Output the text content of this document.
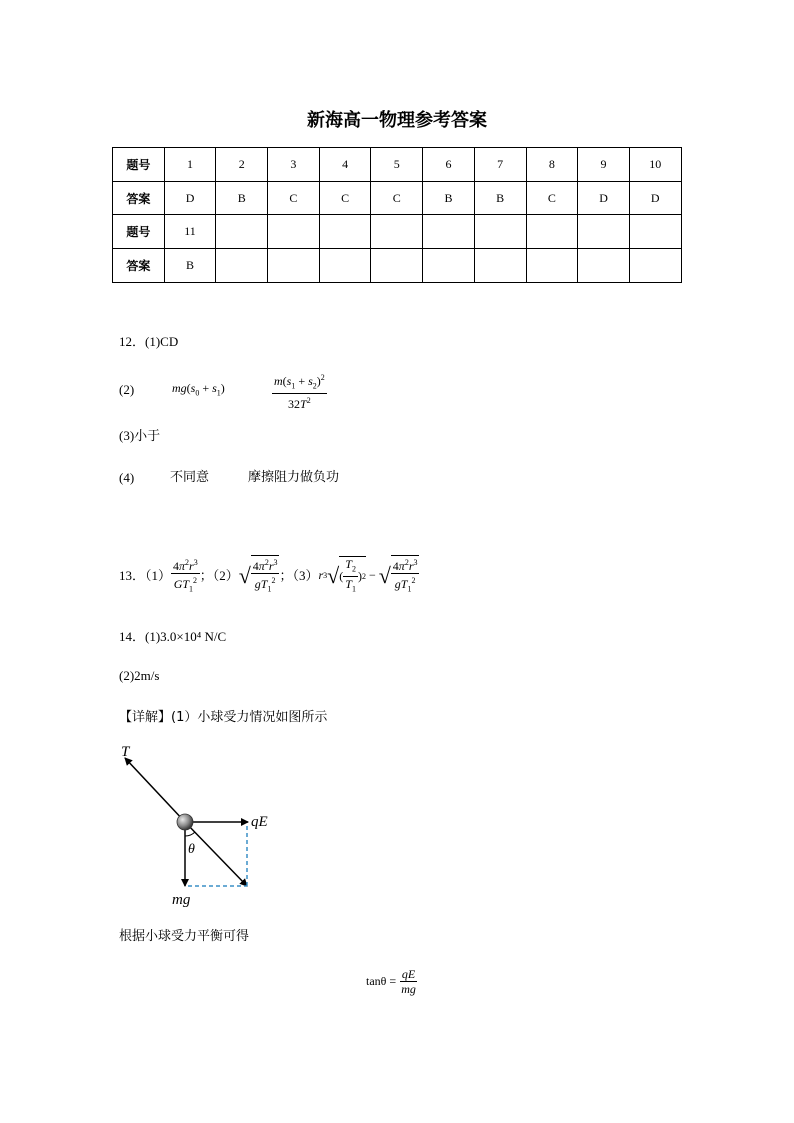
新海高一物理参考答案
题号	1	2	3	4	5	6	7	8	9	10
答案	D	B	C	C	C	B	B	C	D	D
题号	11									
答案	B									
12．(1)CD
(2)	$mg(s_0 + s_1)$	$\frac{m(s_1 + s_2)^2}{32T^2}$
(3)小于
(4)	不同意	摩擦阻力做负功
13．$(1) \frac{4\pi^2r^3}{GT_1^2}$ ；（2） √ $\frac{4\pi^2r^3}{gT_1^2}$ ；（3） r 3 √ ( $\frac{T_2}{T_1}$ ) 2 − √ $\frac{4\pi^2r^3}{gT_1^2}$
14．(1)3.0×10⁴ N/C
(2)2m/s
【详解】(1）小球受力情况如图所示
T
qE
θ
mg
根据小球受力平衡可得
$\tan\theta = \frac{qE}{mg}$
